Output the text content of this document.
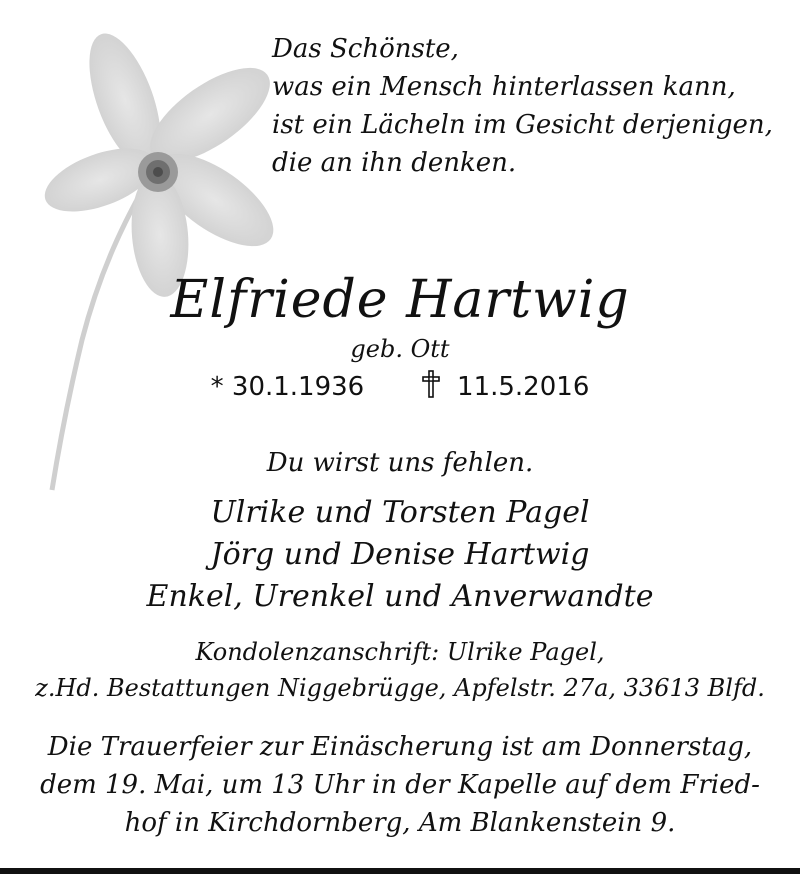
Das Schönste,
was ein Mensch hinterlassen kann,
ist ein Lächeln im Gesicht derjenigen,
die an ihn denken.
Elfriede Hartwig
geb. Ott
* 30.1.1936	11.5.2016
Du wirst uns fehlen.
Ulrike und Torsten Pagel
Jörg und Denise Hartwig
Enkel, Urenkel und Anverwandte
Kondolenzanschrift: Ulrike Pagel,
z.Hd. Bestattungen Niggebrügge, Apfelstr. 27a, 33613 Blfd.
Die Trauerfeier zur Einäscherung ist am Donnerstag,
dem 19. Mai, um 13 Uhr in der Kapelle auf dem Fried-
hof in Kirchdornberg, Am Blankenstein 9.
